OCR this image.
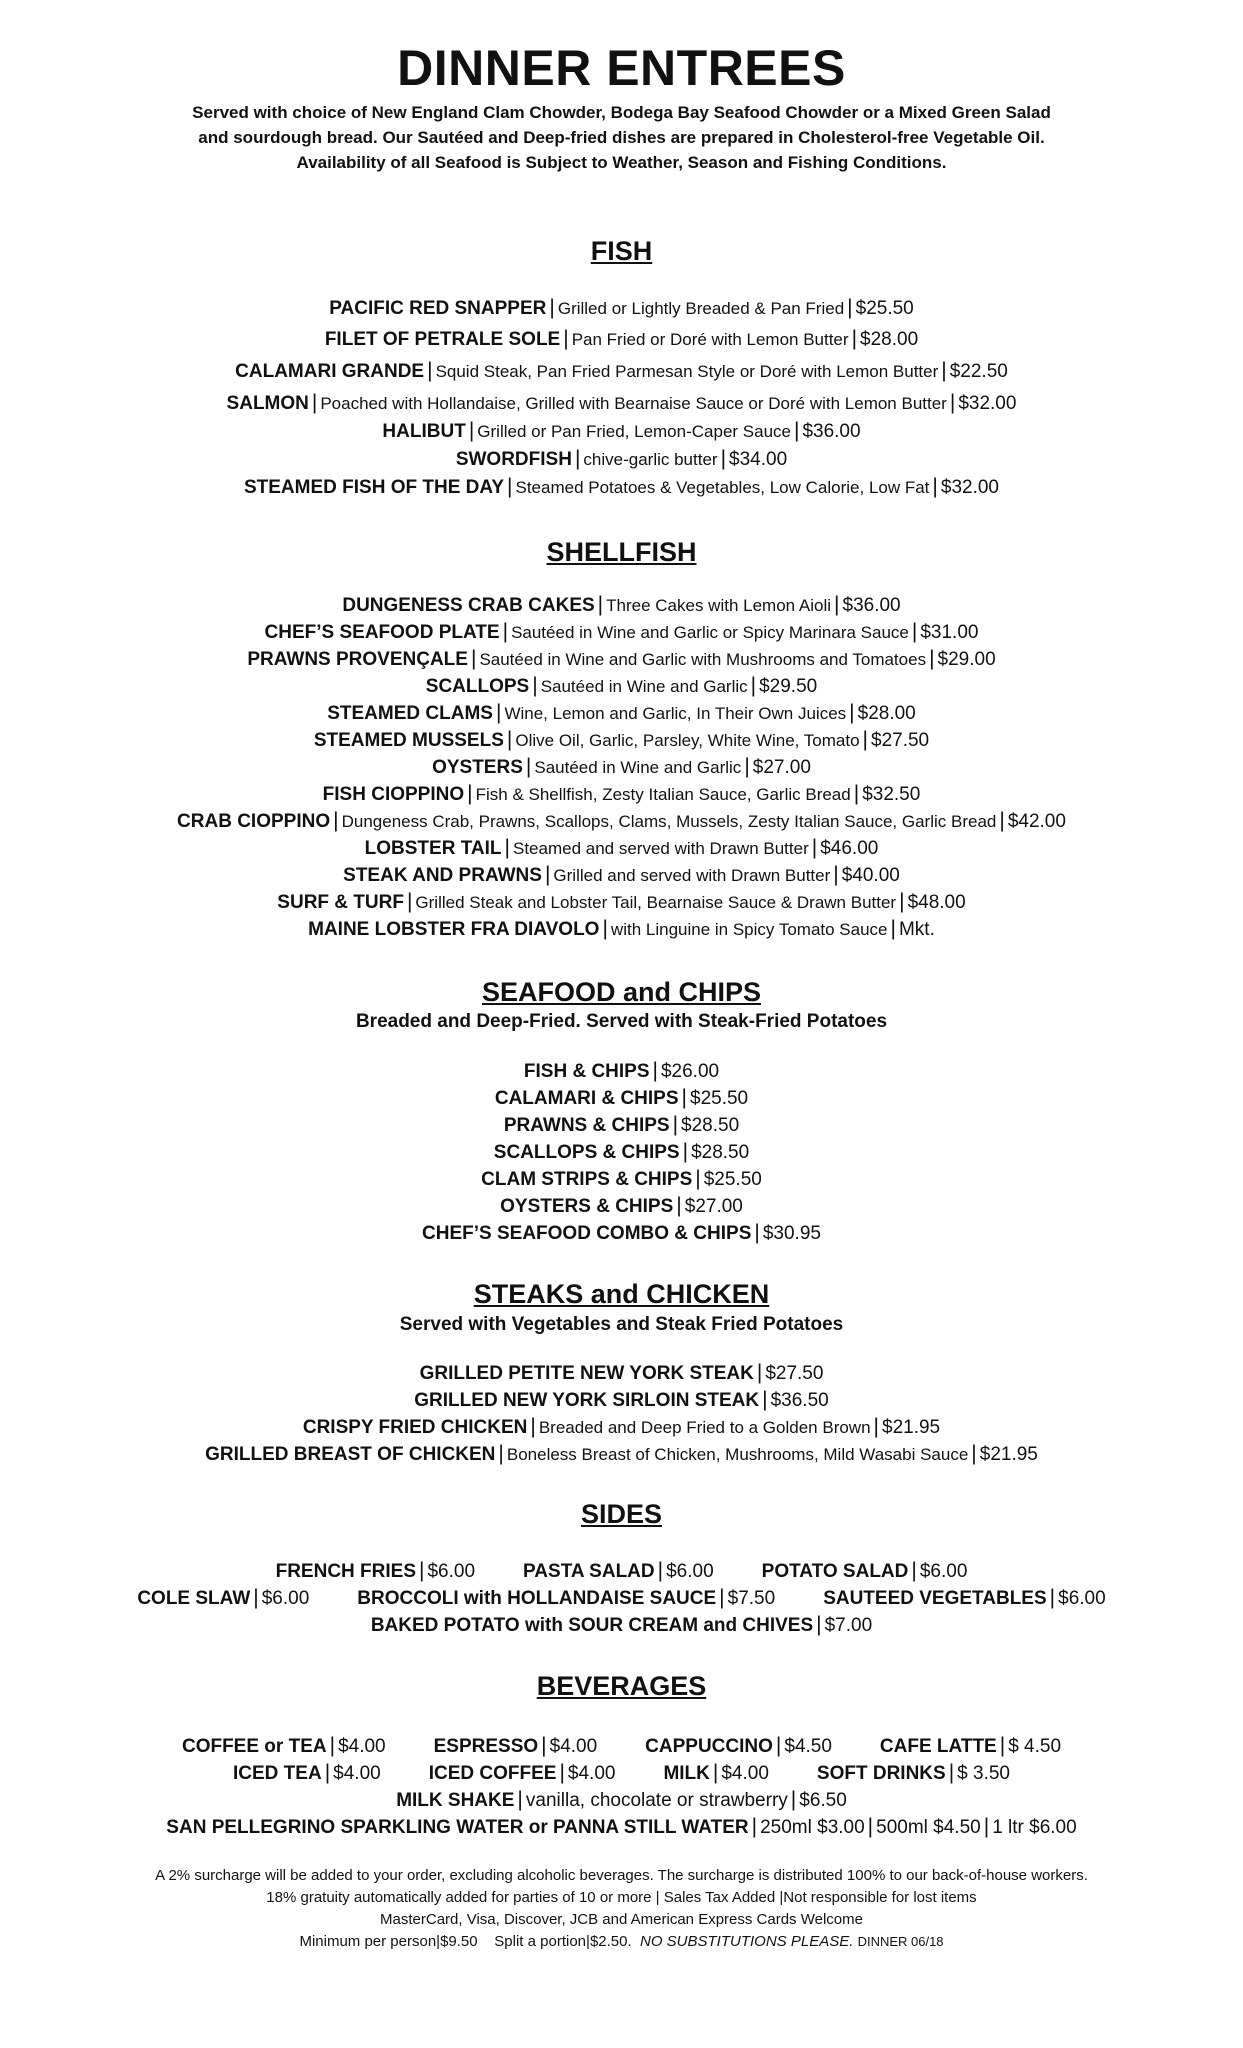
DINNER ENTREES
Served with choice of New England Clam Chowder, Bodega Bay Seafood Chowder or a Mixed Green Salad
and sourdough bread. Our Sautéed and Deep-fried dishes are prepared in Cholesterol-free Vegetable Oil.
Availability of all Seafood is Subject to Weather, Season and Fishing Conditions.
FISH
PACIFIC RED SNAPPER | Grilled or Lightly Breaded & Pan Fried | $25.50
FILET OF PETRALE SOLE | Pan Fried or Doré with Lemon Butter | $28.00
CALAMARI GRANDE | Squid Steak, Pan Fried Parmesan Style or Doré with Lemon Butter | $22.50
SALMON | Poached with Hollandaise, Grilled with Bearnaise Sauce or Doré with Lemon Butter | $32.00
HALIBUT | Grilled or Pan Fried, Lemon-Caper Sauce | $36.00
SWORDFISH | chive-garlic butter | $34.00
STEAMED FISH OF THE DAY | Steamed Potatoes & Vegetables, Low Calorie, Low Fat | $32.00
SHELLFISH
DUNGENESS CRAB CAKES | Three Cakes with Lemon Aioli | $36.00
CHEF’S SEAFOOD PLATE | Sautéed in Wine and Garlic or Spicy Marinara Sauce | $31.00
PRAWNS PROVENÇALE | Sautéed in Wine and Garlic with Mushrooms and Tomatoes | $29.00
SCALLOPS | Sautéed in Wine and Garlic | $29.50
STEAMED CLAMS | Wine, Lemon and Garlic, In Their Own Juices | $28.00
STEAMED MUSSELS | Olive Oil, Garlic, Parsley, White Wine, Tomato | $27.50
OYSTERS | Sautéed in Wine and Garlic | $27.00
FISH CIOPPINO | Fish & Shellfish, Zesty Italian Sauce, Garlic Bread | $32.50
CRAB CIOPPINO | Dungeness Crab, Prawns, Scallops, Clams, Mussels, Zesty Italian Sauce, Garlic Bread | $42.00
LOBSTER TAIL | Steamed and served with Drawn Butter | $46.00
STEAK AND PRAWNS | Grilled and served with Drawn Butter | $40.00
SURF & TURF | Grilled Steak and Lobster Tail, Bearnaise Sauce & Drawn Butter | $48.00
MAINE LOBSTER FRA DIAVOLO | with Linguine in Spicy Tomato Sauce | Mkt.
SEAFOOD and CHIPS
Breaded and Deep-Fried. Served with Steak-Fried Potatoes
FISH & CHIPS | $26.00
CALAMARI & CHIPS | $25.50
PRAWNS & CHIPS | $28.50
SCALLOPS & CHIPS | $28.50
CLAM STRIPS & CHIPS | $25.50
OYSTERS & CHIPS | $27.00
CHEF’S SEAFOOD COMBO & CHIPS | $30.95
STEAKS and CHICKEN
Served with Vegetables and Steak Fried Potatoes
GRILLED PETITE NEW YORK STEAK | $27.50
GRILLED NEW YORK SIRLOIN STEAK | $36.50
CRISPY FRIED CHICKEN | Breaded and Deep Fried to a Golden Brown | $21.95
GRILLED BREAST OF CHICKEN | Boneless Breast of Chicken, Mushrooms, Mild Wasabi Sauce | $21.95
SIDES
FRENCH FRIES | $6.00	PASTA SALAD | $6.00	POTATO SALAD | $6.00
COLE SLAW | $6.00	BROCCOLI with HOLLANDAISE SAUCE | $7.50	SAUTEED VEGETABLES | $6.00
BAKED POTATO with SOUR CREAM and CHIVES | $7.00
BEVERAGES
COFFEE or TEA | $4.00	ESPRESSO | $4.00	CAPPUCCINO | $4.50	CAFE LATTE | $ 4.50
ICED TEA | $4.00	ICED COFFEE | $4.00	MILK | $4.00	SOFT DRINKS | $ 3.50
MILK SHAKE | vanilla, chocolate or strawberry | $6.50
SAN PELLEGRINO SPARKLING WATER or PANNA STILL WATER | 250ml $3.00 | 500ml $4.50 | 1 ltr $6.00
A 2% surcharge will be added to your order, excluding alcoholic beverages. The surcharge is distributed 100% to our back-of-house workers.
18% gratuity automatically added for parties of 10 or more | Sales Tax Added |Not responsible for lost items
MasterCard, Visa, Discover, JCB and American Express Cards Welcome
Minimum per person|$9.50 Split a portion|$2.50. NO SUBSTITUTIONS PLEASE. DINNER 06/18
